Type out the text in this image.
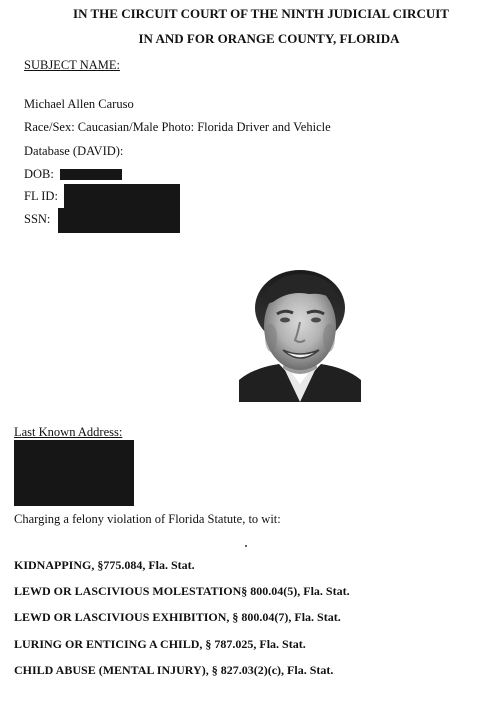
IN THE CIRCUIT COURT OF THE NINTH JUDICIAL CIRCUIT
IN AND FOR ORANGE COUNTY, FLORIDA
SUBJECT NAME:
Michael Allen Caruso
Race/Sex: Caucasian/Male Photo: Florida Driver and Vehicle
Database (DAVID):
DOB:
FL ID:
SSN:
Last Known Address:
Charging a felony violation of Florida Statute, to wit:
KIDNAPPING, §775.084, Fla. Stat.
LEWD OR LASCIVIOUS MOLESTATION§ 800.04(5), Fla. Stat.
LEWD OR LASCIVIOUS EXHIBITION, § 800.04(7), Fla. Stat.
LURING OR ENTICING A CHILD, § 787.025, Fla. Stat.
CHILD ABUSE (MENTAL INJURY), § 827.03(2)(c), Fla. Stat.
